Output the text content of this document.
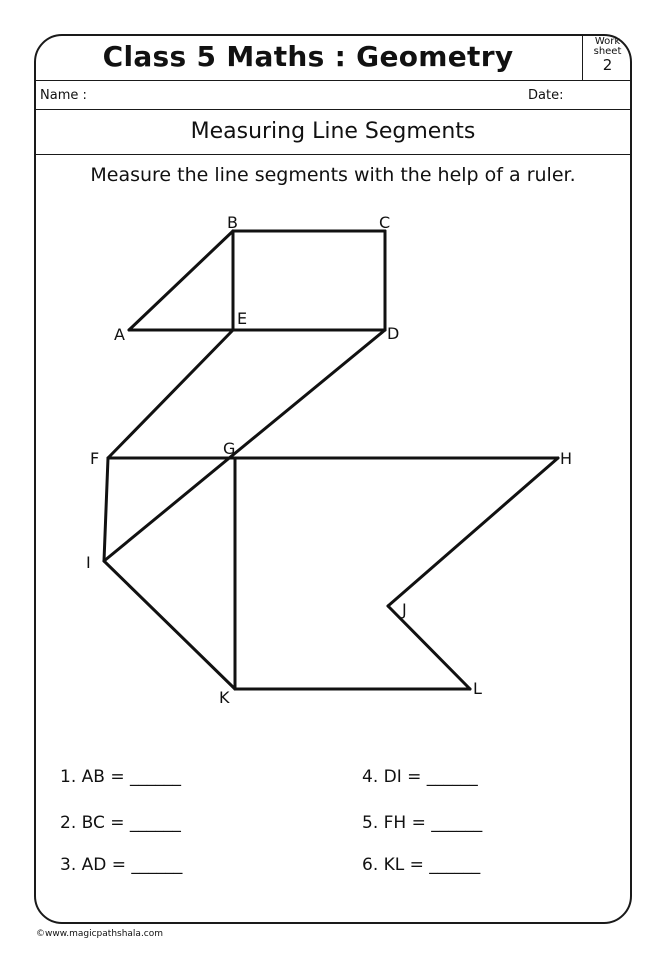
Class 5 Maths : Geometry	Work
sheet
2
Name :	Date:
Measuring Line Segments
Measure the line segments with the help of a ruler.
A
B	C
D
E
F
G
H
I
J
K	L
1. AB = ______
2. BC = ______
3. AD = ______
4. DI = ______
5. FH = ______
6. KL = ______
©www.magicpathshala.com
